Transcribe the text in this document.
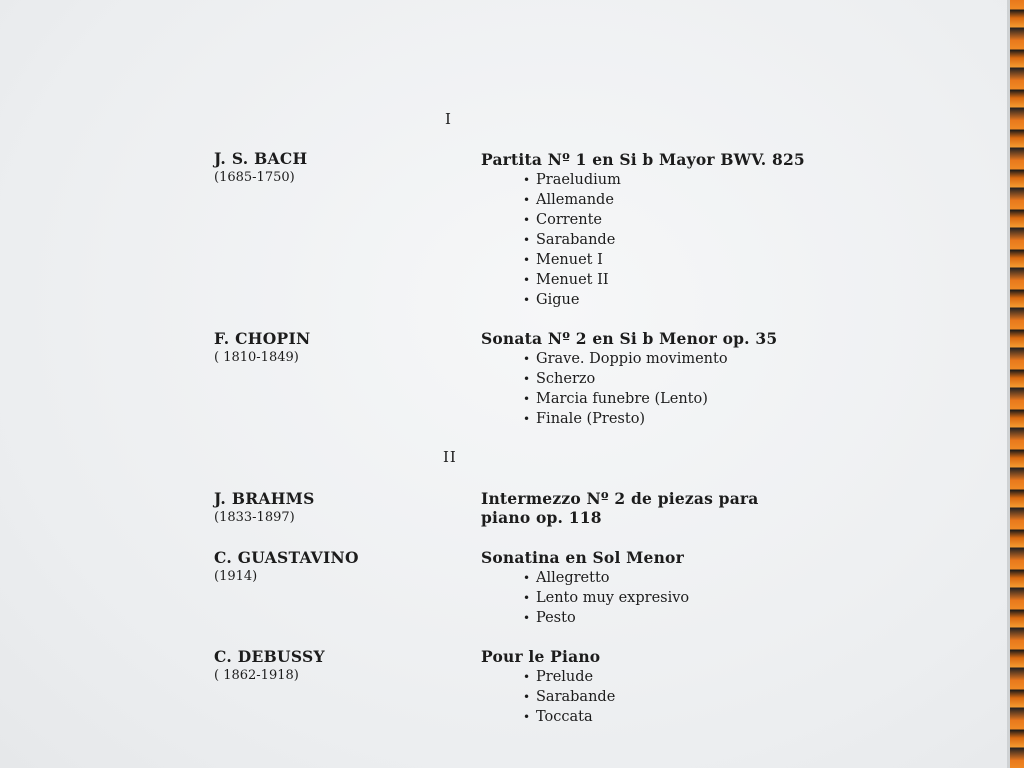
I
J. S. BACH
(1685-1750)
Partita Nº 1 en Si b Mayor BWV. 825
• Praeludium
• Allemande
• Corrente
• Sarabande
• Menuet I
• Menuet II
• Gigue
F. CHOPIN
( 1810-1849)
Sonata Nº 2 en Si b Menor op. 35
• Grave. Doppio movimento
• Scherzo
• Marcia funebre (Lento)
• Finale (Presto)
II
J. BRAHMS
(1833-1897)
Intermezzo Nº 2 de piezas para
piano op. 118
C. GUASTAVINO
(1914)
Sonatina en Sol Menor
• Allegretto
• Lento muy expresivo
• Pesto
C. DEBUSSY
( 1862-1918)
Pour le Piano
• Prelude
• Sarabande
• Toccata
